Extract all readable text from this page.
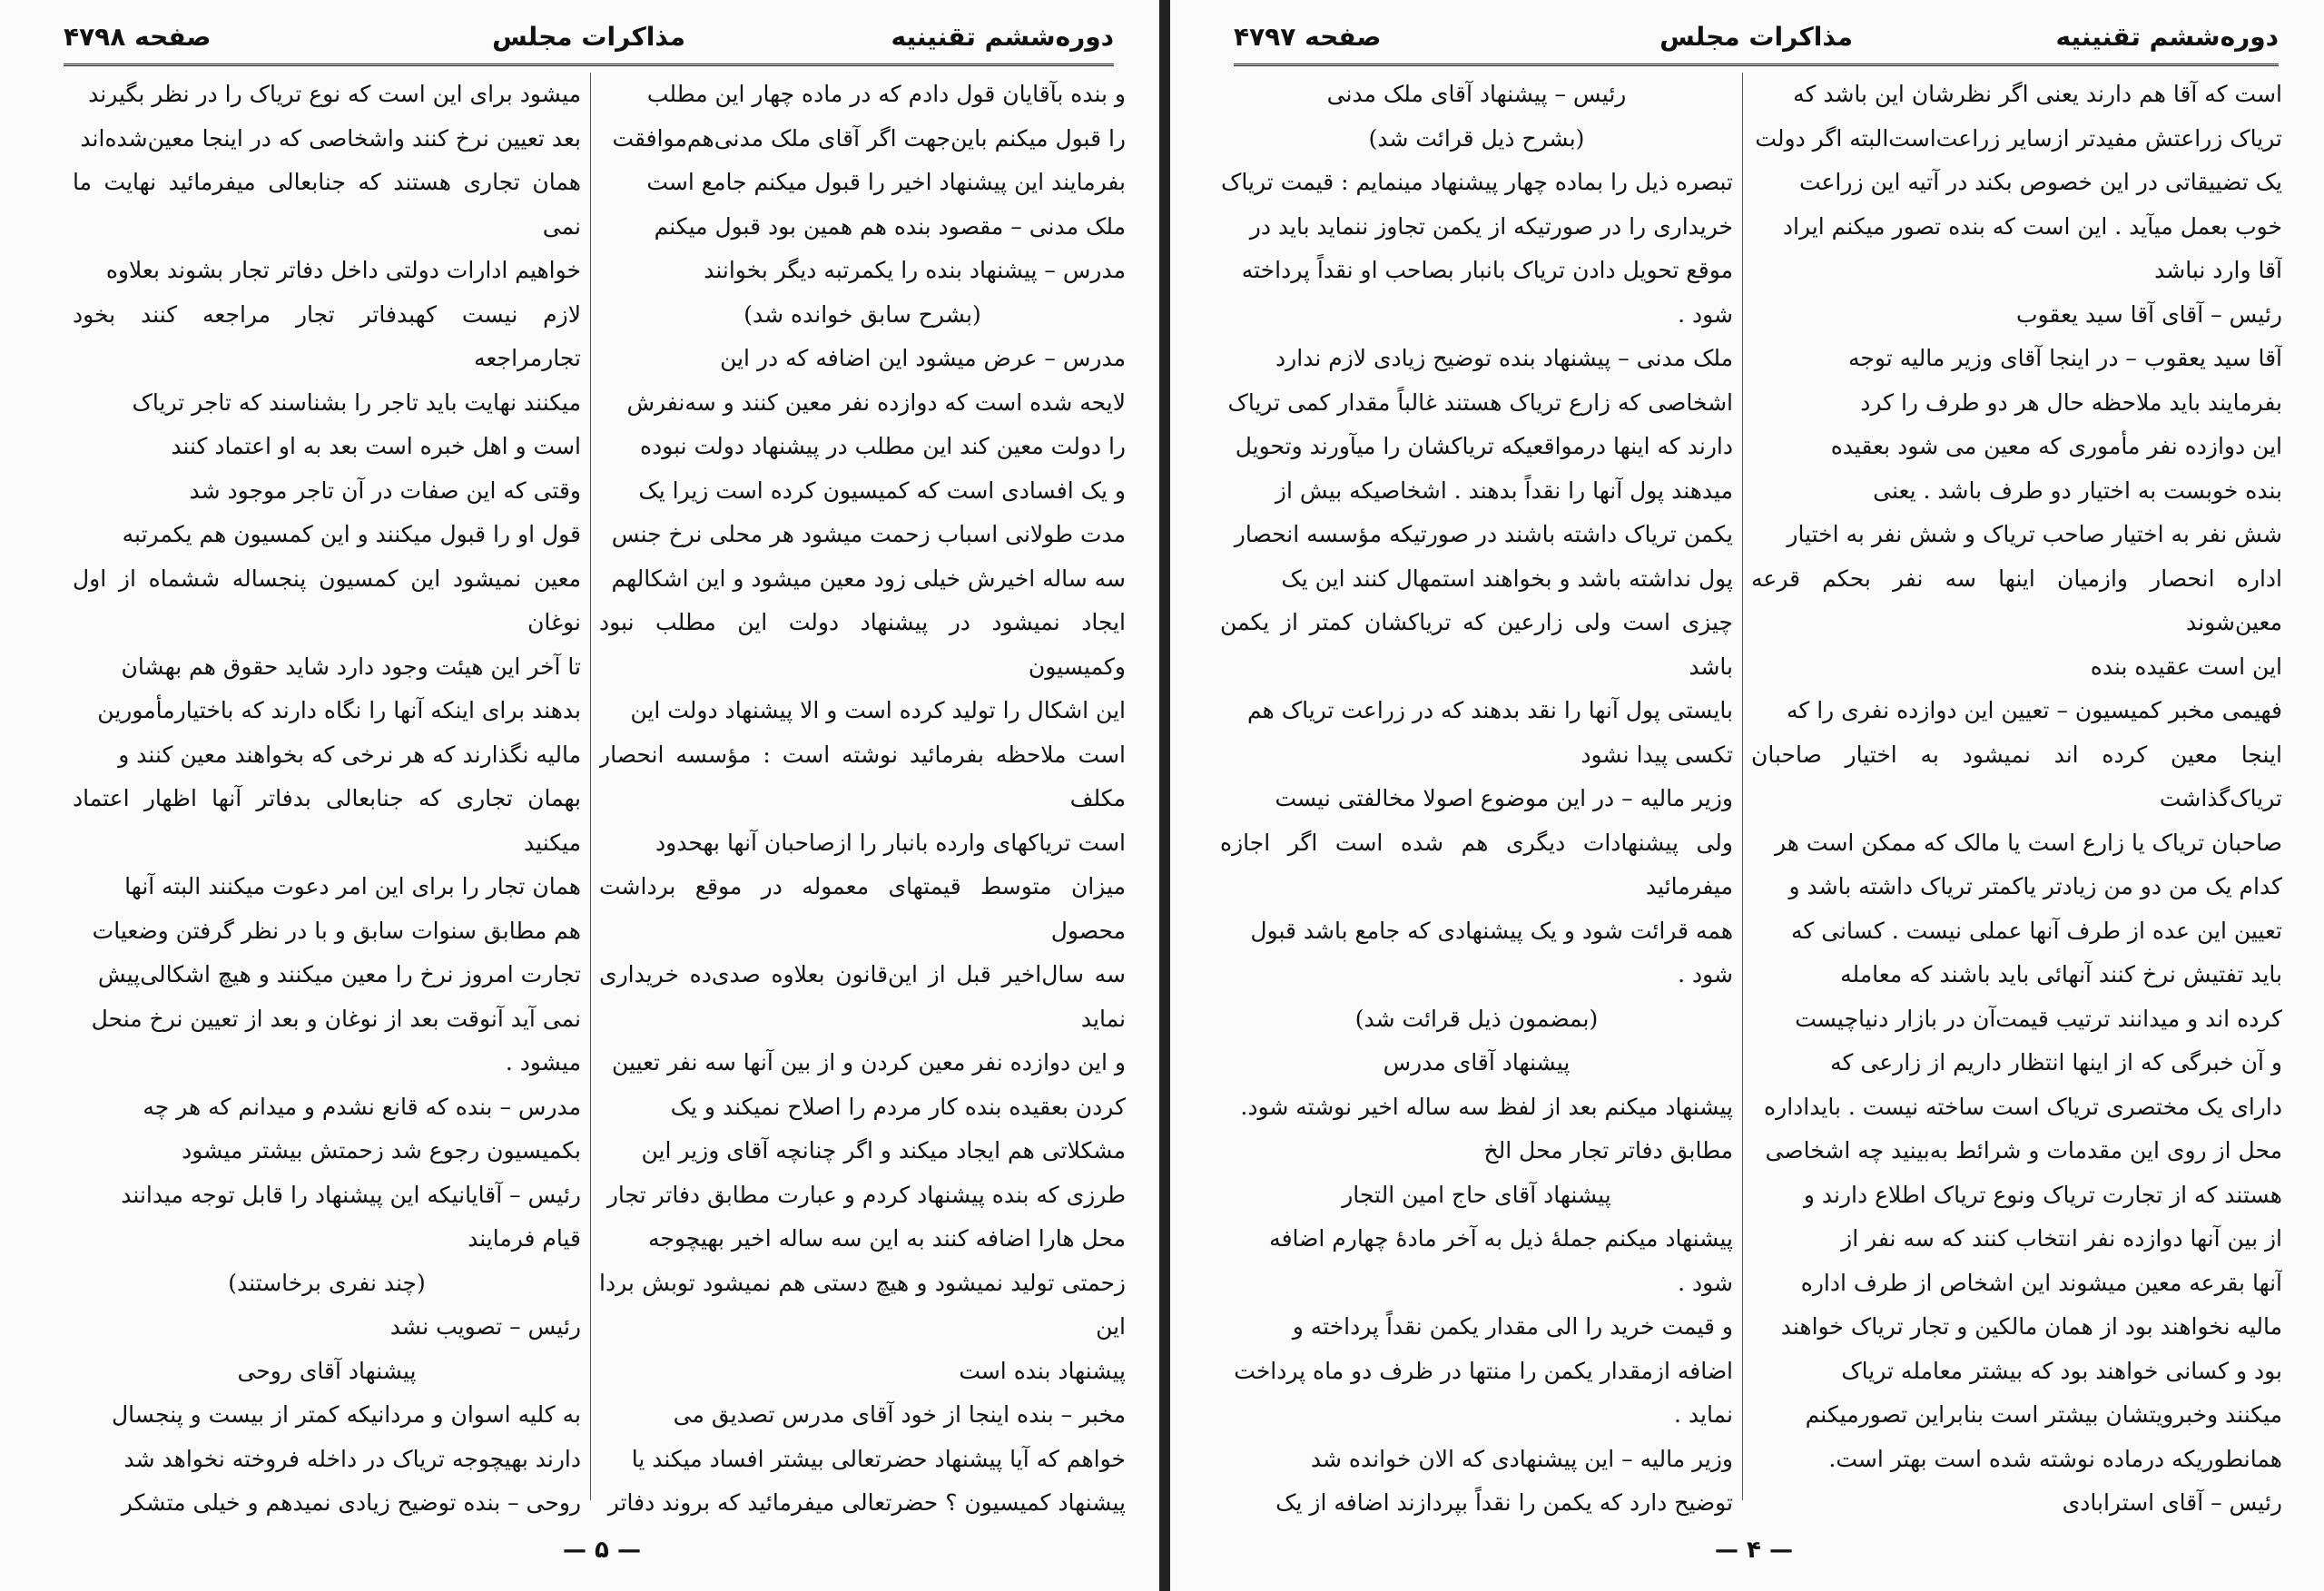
صفحه ۴۷۹۸	مذاکرات مجلس	دوره‌ششم تقنینیه

و بنده بآقایان قول دادم که در ماده چهار این مطلب

را قبول میکنم باین‌جهت اگر آقای ملک مدنی‌هم‌موافقت

بفرمایند این پیشنهاد اخیر را قبول میکنم جامع است

ملک مدنی – مقصود بنده هم همین بود قبول میکنم

مدرس – پیشنهاد بنده را یکمرتبه دیگر بخوانند

(بشرح سابق خوانده شد)

مدرس – عرض میشود این اضافه که در این

لایحه شده است که دوازده نفر معین کنند و سه‌نفرش

را دولت معین کند این مطلب در پیشنهاد دولت نبوده

و یک افسادی است که کمیسیون کرده است زیرا یک

مدت طولانی اسباب زحمت میشود هر محلی نرخ جنس

سه ساله اخیرش خیلی زود معین میشود و این اشکالهم

ایجاد نمیشود در پیشنهاد دولت این مطلب نبود وکمیسیون

این اشکال را تولید کرده است و الا پیشنهاد دولت این

است ملاحظه بفرمائید نوشته است : مؤسسه انحصار مکلف

است تریاکهای وارده بانبار را ازصاحبان آنها بهحدود

میزان متوسط قیمتهای معموله در موقع برداشت محصول

سه سال‌اخیر قبل از این‌قانون بعلاوه صدی‌ده خریداری نماید

و این دوازده نفر معین کردن و از بین آنها سه نفر تعیین

کردن بعقیده بنده کار مردم را اصلاح نمیکند و یک

مشکلاتی هم ایجاد میکند و اگر چنانچه آقای وزیر این

طرزی که بنده پیشنهاد کردم و عبارت مطابق دفاتر تجار

محل هارا اضافه کنند به این سه ساله اخیر بهیچوجه

زحمتی تولید نمیشود و هیچ دستی هم نمیشود توبش بردا این

پیشنهاد بنده است

مخبر – بنده اینجا از خود آقای مدرس تصدیق می

خواهم که آیا پیشنهاد حضرتعالی بیشتر افساد میکند یا

پیشنهاد کمیسیون ؟ حضرتعالی میفرمائید که بروند دفاتر

میشود برای این است که نوع تریاک را در نظر بگیرند

بعد تعیین نرخ کنند واشخاصی که در اینجا معین‌شده‌اند

همان تجاری هستند که جنابعالی میفرمائید نهایت ما نمی

خواهیم ادارات دولتی داخل دفاتر تجار بشوند بعلاوه

لازم نیست کهبدفاتر تجار مراجعه کنند بخود تجارمراجعه

میکنند نهایت باید تاجر را بشناسند که تاجر تریاک

است و اهل خبره است بعد به او اعتماد کنند

وقتی که این صفات در آن تاجر موجود شد

قول او را قبول میکنند و این کمسیون هم یکمرتبه

معین نمیشود این کمسیون پنجساله ششماه از اول نوغان

تا آخر این هیئت وجود دارد شاید حقوق هم بهشان

بدهند برای اینکه آنها را نگاه دارند که باختیارمأمورین

مالیه نگذارند که هر نرخی که بخواهند معین کنند و

بهمان تجاری که جنابعالی بدفاتر آنها اظهار اعتماد میکنید

همان تجار را برای این امر دعوت میکنند البته آنها

هم مطابق سنوات سابق و با در نظر گرفتن وضعیات

تجارت امروز نرخ را معین میکنند و هیچ اشکالی‌پیش

نمی آید آنوقت بعد از نوغان و بعد از تعیین نرخ منحل

میشود .

مدرس – بنده که قانع نشدم و میدانم که هر چه

بکمیسیون رجوع شد زحمتش بیشتر میشود

رئیس – آقایانیکه این پیشنهاد را قابل توجه میدانند

قیام فرمایند

(چند نفری برخاستند)

رئیس – تصویب نشد

پیشنهاد آقای روحی

به کلیه اسوان و مردانیکه کمتر از بیست و پنجسال

دارند بهیچوجه تریاک در داخله فروخته نخواهد شد

روحی – بنده توضیح زیادی نمیدهم و خیلی متشکر

— ۵ —
صفحه ۴۷۹۷	مذاکرات مجلس	دوره‌ششم تقنینیه

است که آقا هم دارند یعنی اگر نظرشان این باشد که

تریاک زراعتش مفیدتر ازسایر زراعت‌است‌البته اگر دولت

یک تضییقاتی در این خصوص بکند در آتیه این زراعت

خوب بعمل میآید . این است که بنده تصور میکنم ایراد

آقا وارد نباشد

رئیس – آقای آقا سید یعقوب

آقا سید یعقوب – در اینجا آقای وزیر مالیه توجه

بفرمایند باید ملاحظه حال هر دو طرف را کرد

این دوازده نفر مأموری که معین می شود بعقیده

بنده خوبست به اختیار دو طرف باشد . یعنی

شش نفر به اختیار صاحب تریاک و شش نفر به اختیار

اداره انحصار وازمیان اینها سه نفر بحکم قرعه معین‌شوند

این است عقیده بنده

فهیمی مخبر کمیسیون – تعیین این دوازده نفری را که

اینجا معین کرده اند نمیشود به اختیار صاحبان تریاک‌گذاشت

صاحبان تریاک یا زارع است یا مالک که ممکن است هر

کدام یک من دو من زیادتر یاکمتر تریاک داشته باشد و

تعیین این عده از طرف آنها عملی نیست . کسانی که

باید تفتیش نرخ کنند آنهائی باید باشند که معامله

کرده اند و میدانند ترتیب قیمت‌آن در بازار دنیاچیست

و آن خبرگی که از اینها انتظار داریم از زارعی که

دارای یک مختصری تریاک است ساخته نیست . باید‌اداره

محل از روی این مقدمات و شرائط به‌بینید چه اشخاصی

هستند که از تجارت تریاک ونوع تریاک اطلاع دارند و

از بین آنها دوازده نفر انتخاب کنند که سه نفر از

آنها بقرعه معین میشوند این اشخاص از طرف اداره

مالیه نخواهند بود از همان مالکین و تجار تریاک خواهند

بود و کسانی خواهند بود که بیشتر معامله تریاک

میکنند وخبرویتشان بیشتر است بنابراین تصورمیکنم

همانطوریکه درماده نوشته شده است بهتر است.

رئیس – آقای استرابادی

رئیس – پیشنهاد آقای ملک مدنی

(بشرح ذیل قرائت شد)

تبصره ذیل را بماده چهار پیشنهاد مینمایم : قیمت تریاک

خریداری را در صورتیکه از یکمن تجاوز ننماید باید در

موقع تحویل دادن تریاک بانبار بصاحب او نقداً پرداخته

شود .

ملک مدنی – پیشنهاد بنده توضیح زیادی لازم ندارد

اشخاصی که زارع تریاک هستند غالباً مقدار کمی تریاک

دارند که اینها درمواقعیکه تریاکشان را میآورند وتحویل

میدهند پول آنها را نقداً بدهند . اشخاصیکه بیش از

یکمن تریاک داشته باشند در صورتیکه مؤسسه انحصار

پول نداشته باشد و بخواهند استمهال کنند این یک

چیزی است ولی زارعین که تریاکشان کمتر از یکمن باشد

بایستی پول آنها را نقد بدهند که در زراعت تریاک هم

تکسی پیدا نشود

وزیر مالیه – در این موضوع اصولا مخالفتی نیست

ولی پیشنهادات دیگری هم شده است اگر اجازه میفرمائید

همه قرائت شود و یک پیشنهادی که جامع باشد قبول

شود .

(بمضمون ذیل قرائت شد)

پیشنهاد آقای مدرس

پیشنهاد میکنم بعد از لفظ سه ساله اخیر نوشته شود.

مطابق دفاتر تجار محل الخ

پیشنهاد آقای حاج امین التجار

پیشنهاد میکنم جملهٔ ذیل به آخر مادهٔ چهارم اضافه

شود .

و قیمت خرید را الی مقدار یکمن نقداً پرداخته و

اضافه ازمقدار یکمن را منتها در ظرف دو ماه پرداخت

نماید .

وزیر مالیه – این پیشنهادی که الان خوانده شد

توضیح دارد که یکمن را نقداً بپردازند اضافه از یک

— ۴ —
